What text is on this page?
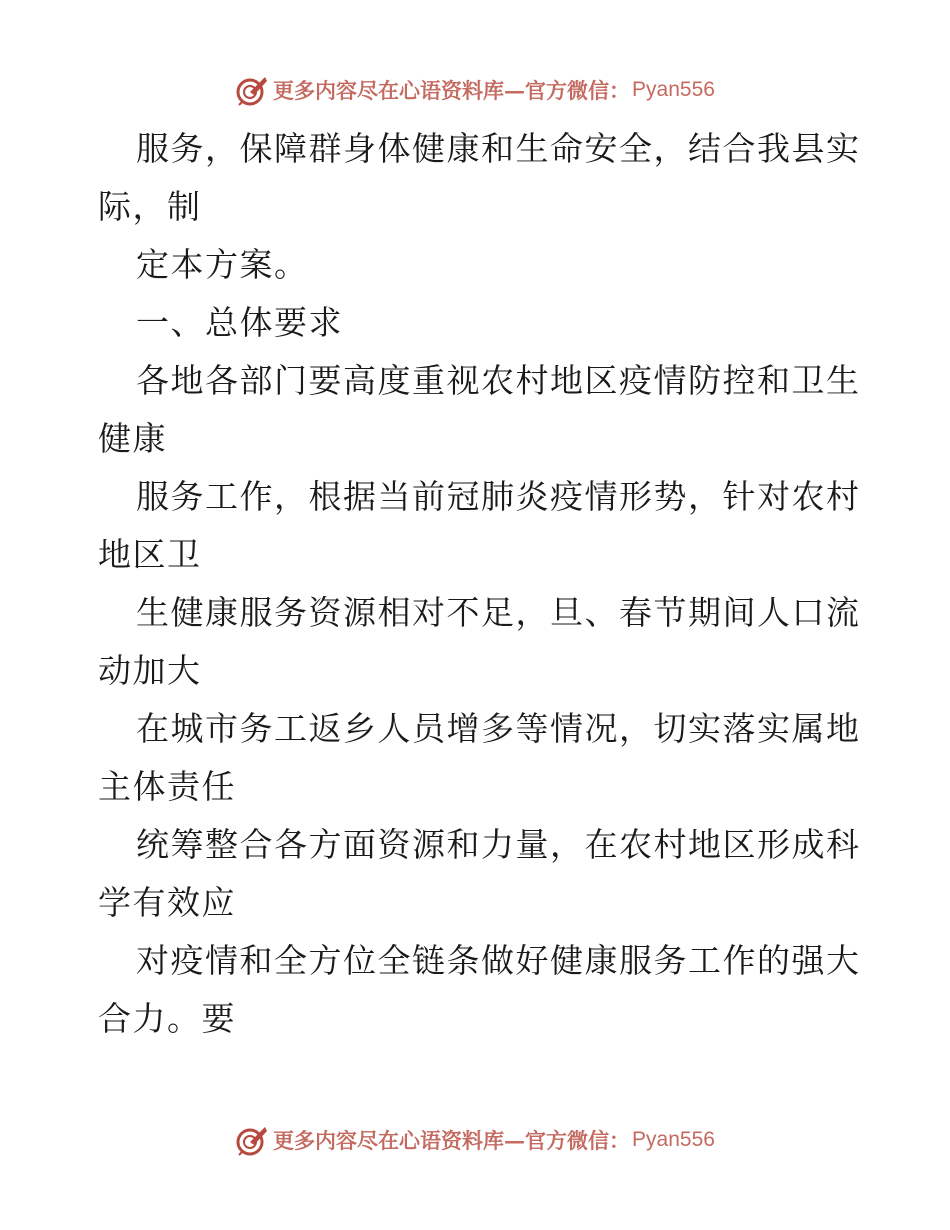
更多内容尽在心语资料库—官方微信： Pyan556
服务，保障群身体健康和生命安全，结合我县实
际，制
定本方案。
一、总体要求
各地各部门要高度重视农村地区疫情防控和卫生
健康
服务工作，根据当前冠肺炎疫情形势，针对农村
地区卫
生健康服务资源相对不足，旦、春节期间人口流
动加大
在城市务工返乡人员增多等情况，切实落实属地
主体责任
统筹整合各方面资源和力量，在农村地区形成科
学有效应
对疫情和全方位全链条做好健康服务工作的强大
合力。要
更多内容尽在心语资料库—官方微信： Pyan556
